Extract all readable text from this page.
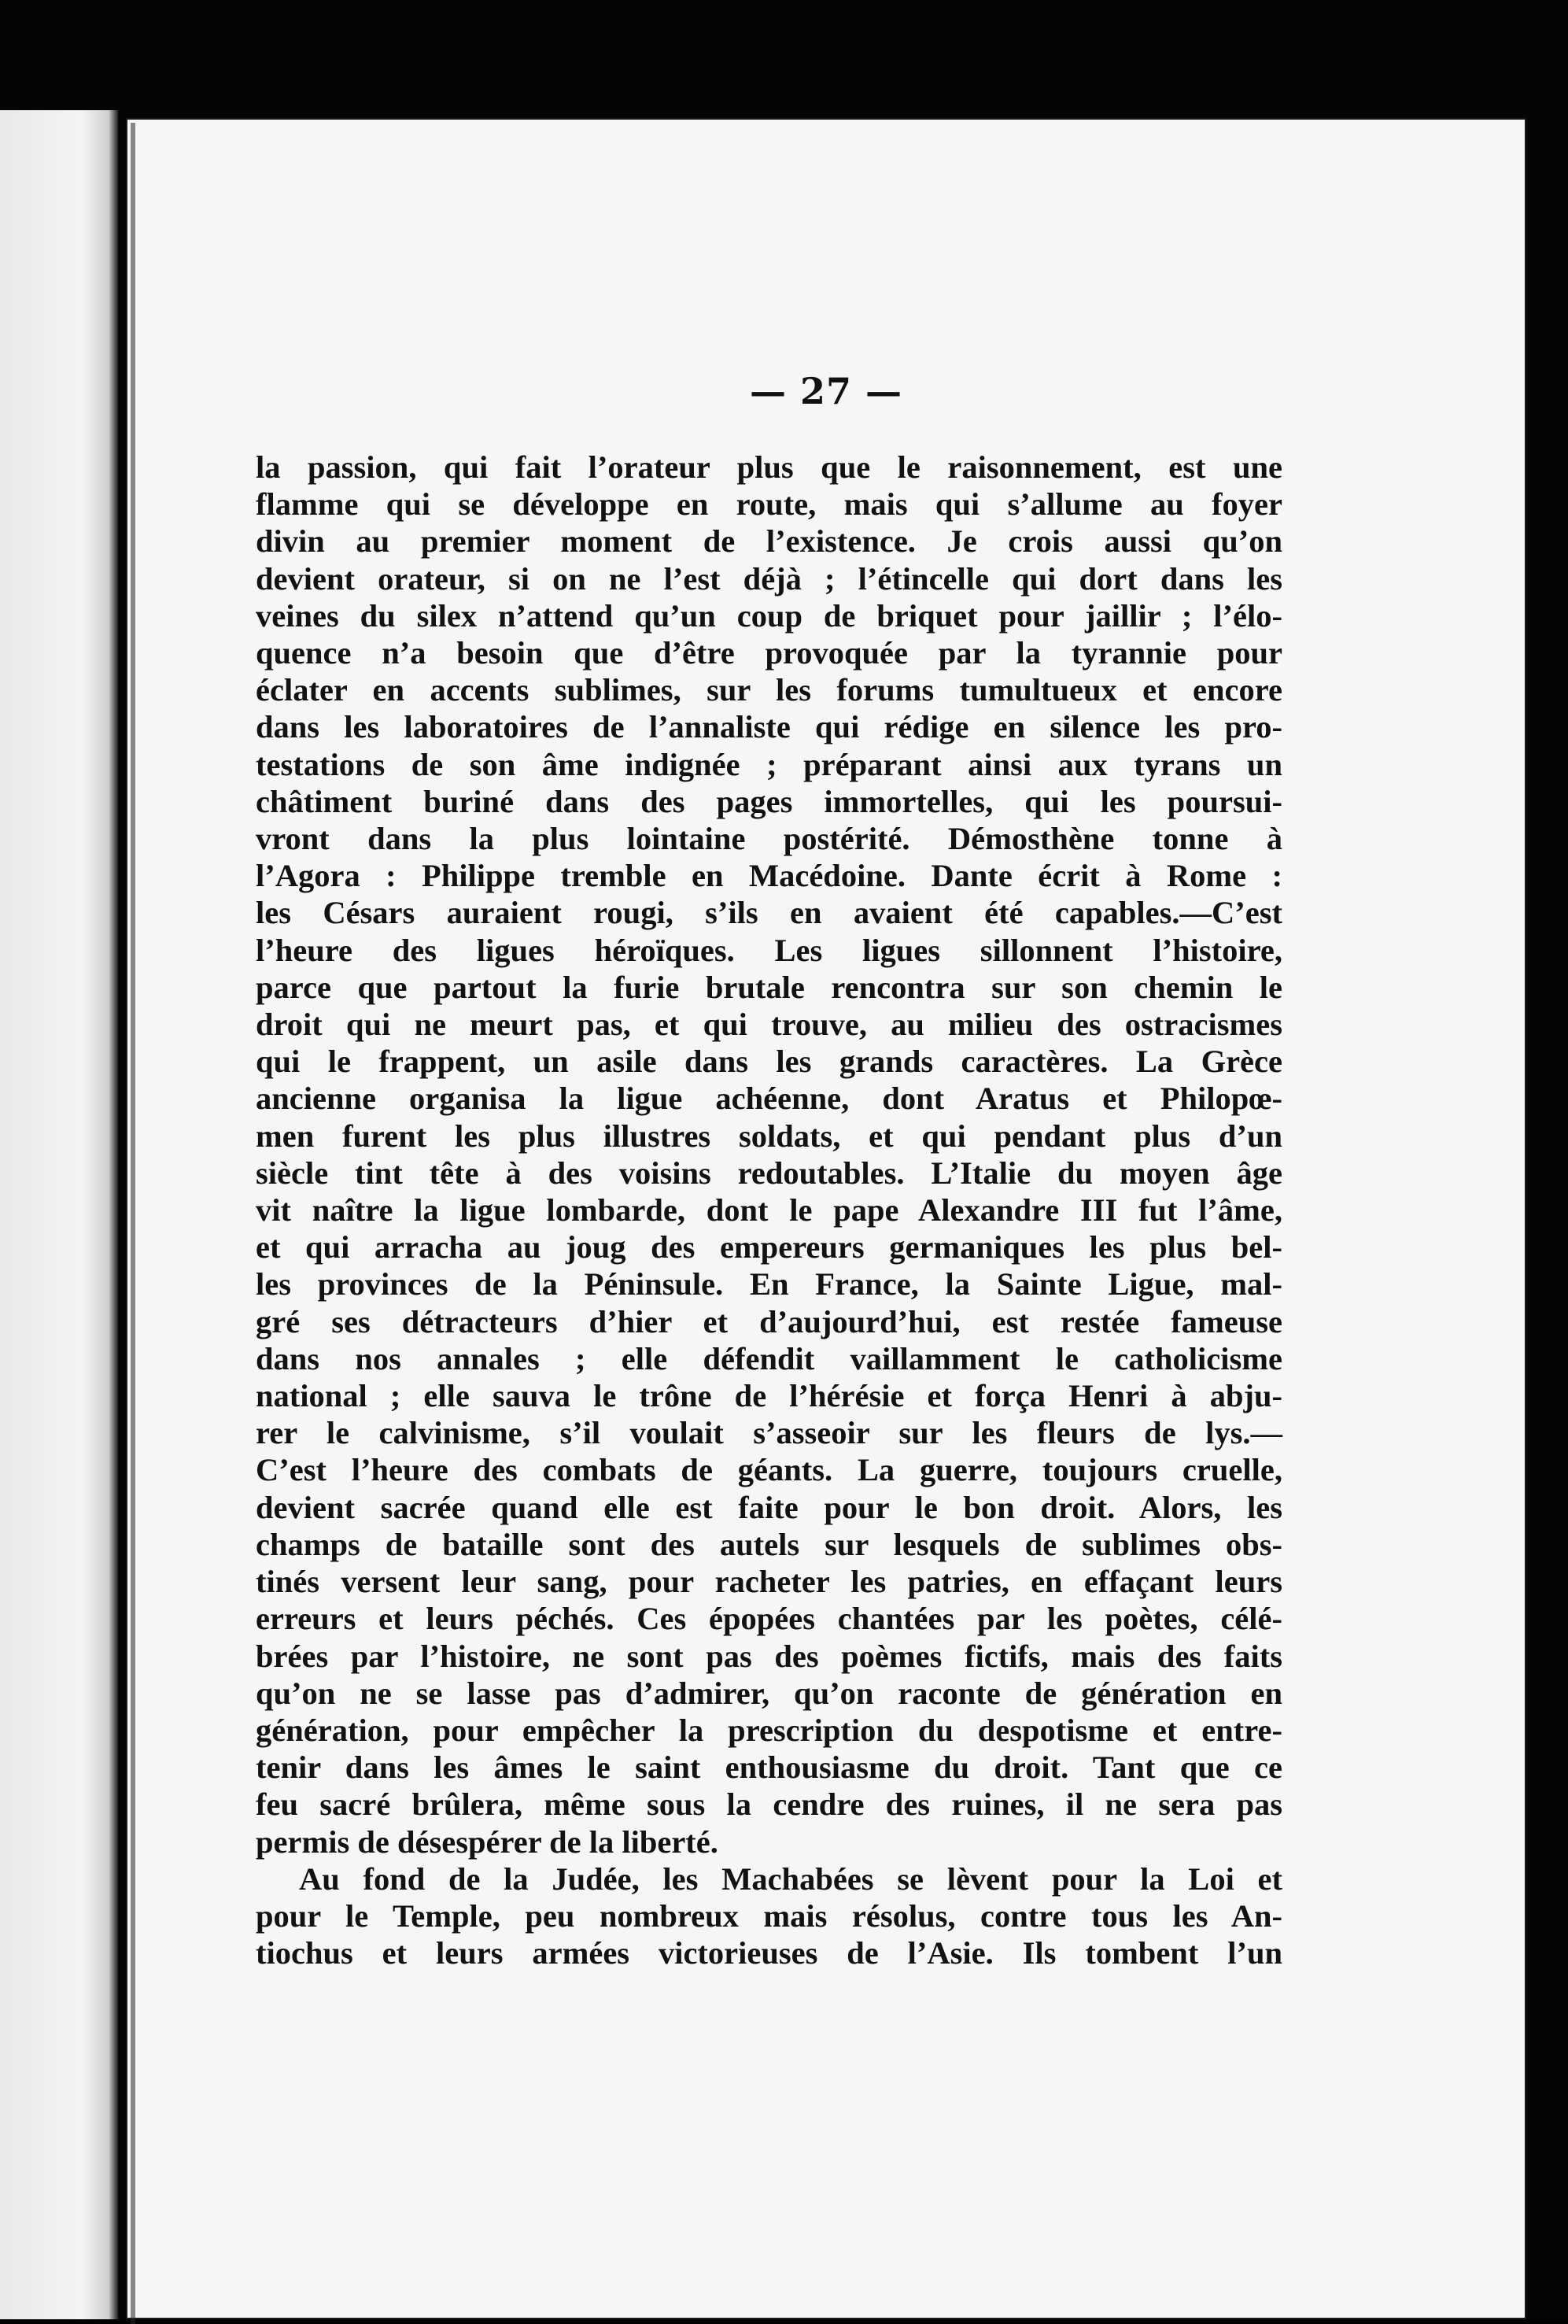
— 27 —
la passion, qui fait l’orateur plus que le raisonnement, est une
flamme qui se développe en route, mais qui s’allume au foyer
divin au premier moment de l’existence. Je crois aussi qu’on
devient orateur, si on ne l’est déjà ; l’étincelle qui dort dans les
veines du silex n’attend qu’un coup de briquet pour jaillir ; l’élo-
quence n’a besoin que d’être provoquée par la tyrannie pour
éclater en accents sublimes, sur les forums tumultueux et encore
dans les laboratoires de l’annaliste qui rédige en silence les pro-
testations de son âme indignée ; préparant ainsi aux tyrans un
châtiment buriné dans des pages immortelles, qui les poursui-
vront dans la plus lointaine postérité. Démosthène tonne à
l’Agora : Philippe tremble en Macédoine. Dante écrit à Rome :
les Césars auraient rougi, s’ils en avaient été capables.—C’est
l’heure des ligues héroïques. Les ligues sillonnent l’histoire,
parce que partout la furie brutale rencontra sur son chemin le
droit qui ne meurt pas, et qui trouve, au milieu des ostracismes
qui le frappent, un asile dans les grands caractères. La Grèce
ancienne organisa la ligue achéenne, dont Aratus et Philopœ-
men furent les plus illustres soldats, et qui pendant plus d’un
siècle tint tête à des voisins redoutables. L’Italie du moyen âge
vit naître la ligue lombarde, dont le pape Alexandre III fut l’âme,
et qui arracha au joug des empereurs germaniques les plus bel-
les provinces de la Péninsule. En France, la Sainte Ligue, mal-
gré ses détracteurs d’hier et d’aujourd’hui, est restée fameuse
dans nos annales ; elle défendit vaillamment le catholicisme
national ; elle sauva le trône de l’hérésie et força Henri à abju-
rer le calvinisme, s’il voulait s’asseoir sur les fleurs de lys.—
C’est l’heure des combats de géants. La guerre, toujours cruelle,
devient sacrée quand elle est faite pour le bon droit. Alors, les
champs de bataille sont des autels sur lesquels de sublimes obs-
tinés versent leur sang, pour racheter les patries, en effaçant leurs
erreurs et leurs péchés. Ces épopées chantées par les poètes, célé-
brées par l’histoire, ne sont pas des poèmes fictifs, mais des faits
qu’on ne se lasse pas d’admirer, qu’on raconte de génération en
génération, pour empêcher la prescription du despotisme et entre-
tenir dans les âmes le saint enthousiasme du droit. Tant que ce
feu sacré brûlera, même sous la cendre des ruines, il ne sera pas
permis de désespérer de la liberté.
Au fond de la Judée, les Machabées se lèvent pour la Loi et
pour le Temple, peu nombreux mais résolus, contre tous les An-
tiochus et leurs armées victorieuses de l’Asie. Ils tombent l’un
